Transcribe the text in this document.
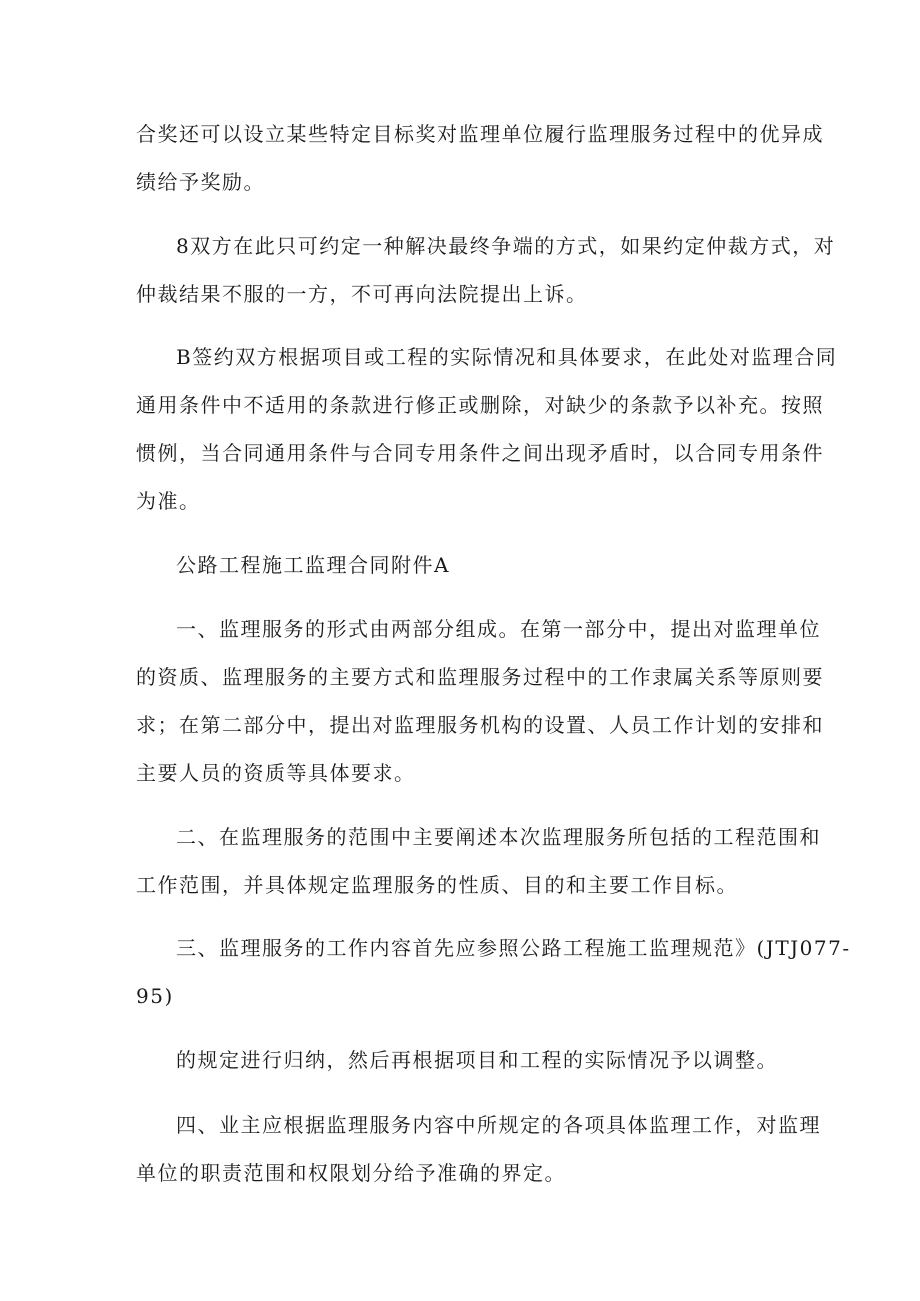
合奖还可以设立某些特定目标奖对监理单位履行监理服务过程中的优异成
绩给予奖励。
8双方在此只可约定一种解决最终争端的方式，如果约定仲裁方式，对
仲裁结果不服的一方，不可再向法院提出上诉。
B签约双方根据项目或工程的实际情况和具体要求，在此处对监理合同
通用条件中不适用的条款进行修正或删除，对缺少的条款予以补充。按照
惯例，当合同通用条件与合同专用条件之间出现矛盾时，以合同专用条件
为准。
公路工程施工监理合同附件A
一、监理服务的形式由两部分组成。在第一部分中，提出对监理单位
的资质、监理服务的主要方式和监理服务过程中的工作隶属关系等原则要
求；在第二部分中，提出对监理服务机构的设置、人员工作计划的安排和
主要人员的资质等具体要求。
二、在监理服务的范围中主要阐述本次监理服务所包括的工程范围和
工作范围，并具体规定监理服务的性质、目的和主要工作目标。
三、监理服务的工作内容首先应参照公路工程施工监理规范》(JTJ077-
95)
的规定进行归纳，然后再根据项目和工程的实际情况予以调整。
四、业主应根据监理服务内容中所规定的各项具体监理工作，对监理
单位的职责范围和权限划分给予准确的界定。
